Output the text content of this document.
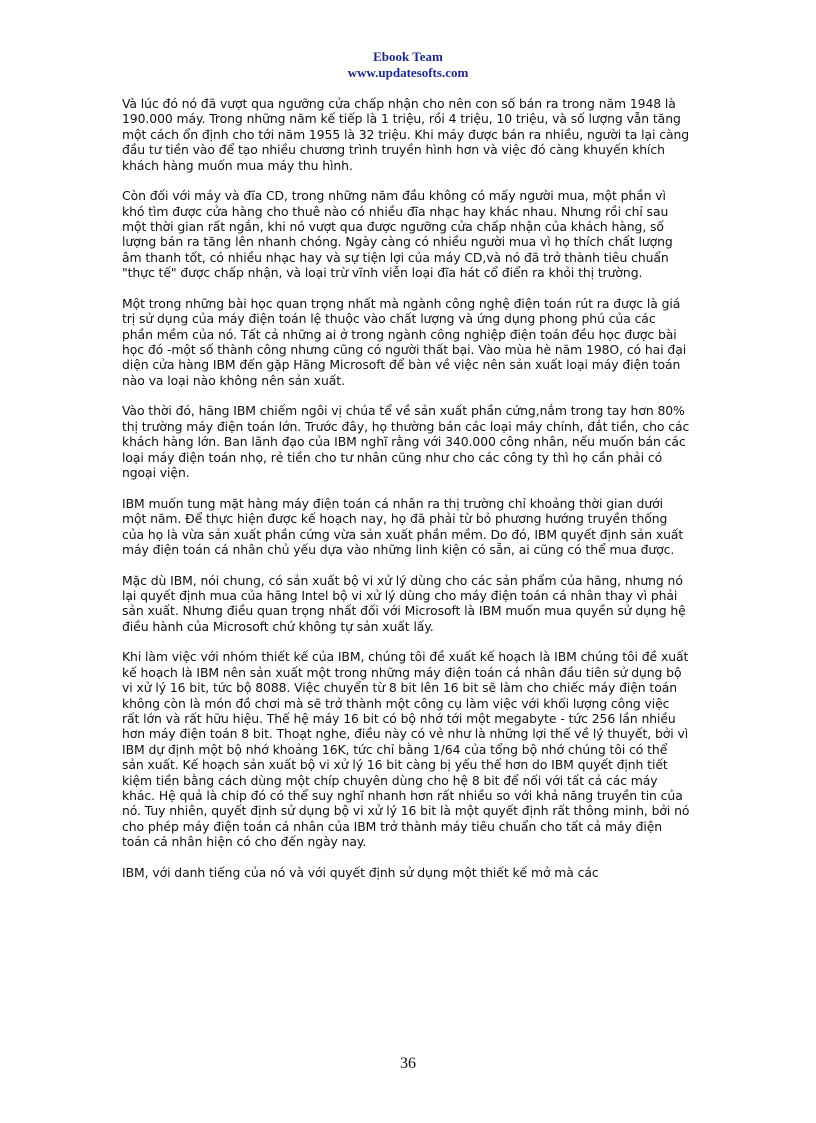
Ebook Team
www.updatesofts.com

Và lúc đó nó đã vượt qua ngưỡng cửa chấp nhận cho nên con số bán ra trong năm 1948 là 190.000 máy. Trong những năm kế tiếp là 1 triệu, rồi 4 triệu, 10 triệu, và số lượng vẫn tăng một cách ổn định cho tới năm 1955 là 32 triệu. Khi máy được bán ra nhiều, người ta lại càng đầu tư tiền vào để tạo nhiều chương trình truyền hình hơn và việc đó càng khuyến khích khách hàng muốn mua máy thu hình.

Còn đối với máy và đĩa CD, trong những năm đầu không có mấy người mua, một phần vì khó tìm được cửa hàng cho thuê nào có nhiều đĩa nhạc hay khác nhau. Nhưng rồi chỉ sau một thời gian rất ngắn, khi nó vượt qua được ngưỡng cửa chấp nhận của khách hàng, số lượng bán ra tăng lên nhanh chóng. Ngày càng có nhiều người mua vì họ thích chất lượng âm thanh tốt, có nhiều nhạc hay và sự tiện lợi của máy CD,và nó đã trở thành tiêu chuẩn "thực tế" được chấp nhận, và loại trừ vĩnh viễn loại đĩa hát cổ điển ra khỏi thị trường.

Một trong những bài học quan trọng nhất mà ngành công nghệ điện toán rút ra được là giá trị sử dụng của máy điện toán lệ thuộc vào chất lượng và ứng dụng phong phú của các phần mềm của nó. Tất cả những ai ở trong ngành công nghiệp điện toán đều học được bài học đó -một số thành công nhưng cũng có người thất bại. Vào mùa hè năm 198O, có hai đại diện cửa hàng IBM đến gặp Hãng Microsoft để bàn về việc nên sản xuất loại máy điện toán nào va loại nào không nên sản xuất.

Vào thời đó, hãng IBM chiếm ngôi vị chúa tể về sản xuất phần cứng,nắm trong tay hơn 80% thị trường máy điện toán lớn. Trước đây, họ thường bán các loại máy chính, đắt tiền, cho các khách hàng lớn. Ban lãnh đạo của IBM nghĩ rằng với 340.000 công nhân, nếu muốn bán các loại máy điện toán nhọ, rẻ tiền cho tư nhân cũng như cho các công ty thì họ cần phải có ngoại viện.

IBM muốn tung mặt hàng máy điện toán cá nhân ra thị trường chỉ khoảng thời gian dưới một năm. Để thực hiện được kế hoạch nay, họ đã phải từ bỏ phương hướng truyền thống của họ là vừa sản xuất phần cứng vừa sản xuất phần mềm. Do đó, IBM quyết định sản xuất máy điện toán cá nhân chủ yếu dựa vào những linh kiện có sẵn, ai cũng có thể mua được.

Mặc dù IBM, nói chung, có sản xuất bộ vi xử lý dùng cho các sản phẩm của hãng, nhưng nó lại quyết định mua của hãng Intel bộ vi xử lý dùng cho máy điện toán cá nhân thay vì phải sản xuất. Nhưng điều quan trọng nhất đối với Microsoft là IBM muốn mua quyền sử dụng hệ điều hành của Microsoft chứ không tự sản xuất lấy.

Khi làm việc với nhóm thiết kế của IBM, chúng tôi đề xuất kế hoạch là IBM chúng tôi đề xuất kế hoạch là IBM nên sản xuất một trong những máy điện toán cá nhân đầu tiên sử dụng bộ vi xử lý 16 bit, tức bộ 8088. Việc chuyển từ 8 bit lên 16 bit sẽ làm cho chiếc máy điện toán không còn là món đồ chơi mà sẽ trở thành một công cụ làm việc với khối lượng công việc rất lớn và rất hữu hiệu. Thế hệ máy 16 bit có bộ nhớ tới một megabyte - tức 256 lần nhiều hơn máy điện toán 8 bit. Thoạt nghe, điều này có vẻ như là những lợi thế về lý thuyết, bởi vì IBM dự định một bộ nhớ khoảng 16K, tức chỉ bằng 1/64 của tổng bộ nhớ chúng tôi có thể sản xuất. Kế hoạch sản xuất bộ vi xử lý 16 bit càng bị yếu thế hơn do IBM quyết định tiết kiệm tiền bằng cách dùng một chíp chuyên dùng cho hệ 8 bit để nối với tất cả các máy khác. Hệ quả là chip đó có thể suy nghĩ nhanh hơn rất nhiều so với khả năng truyền tin của nó. Tuy nhiên, quyết định sử dụng bộ vi xử lý 16 bit là một quyết định rất thông minh, bởi nó cho phép máy điện toán cá nhân của IBM trở thành máy tiêu chuẩn cho tất cả máy điện toán cá nhân hiện có cho đến ngày nay.

IBM, với danh tiếng của nó và với quyết định sử dụng một thiết kế mở mà các

36
